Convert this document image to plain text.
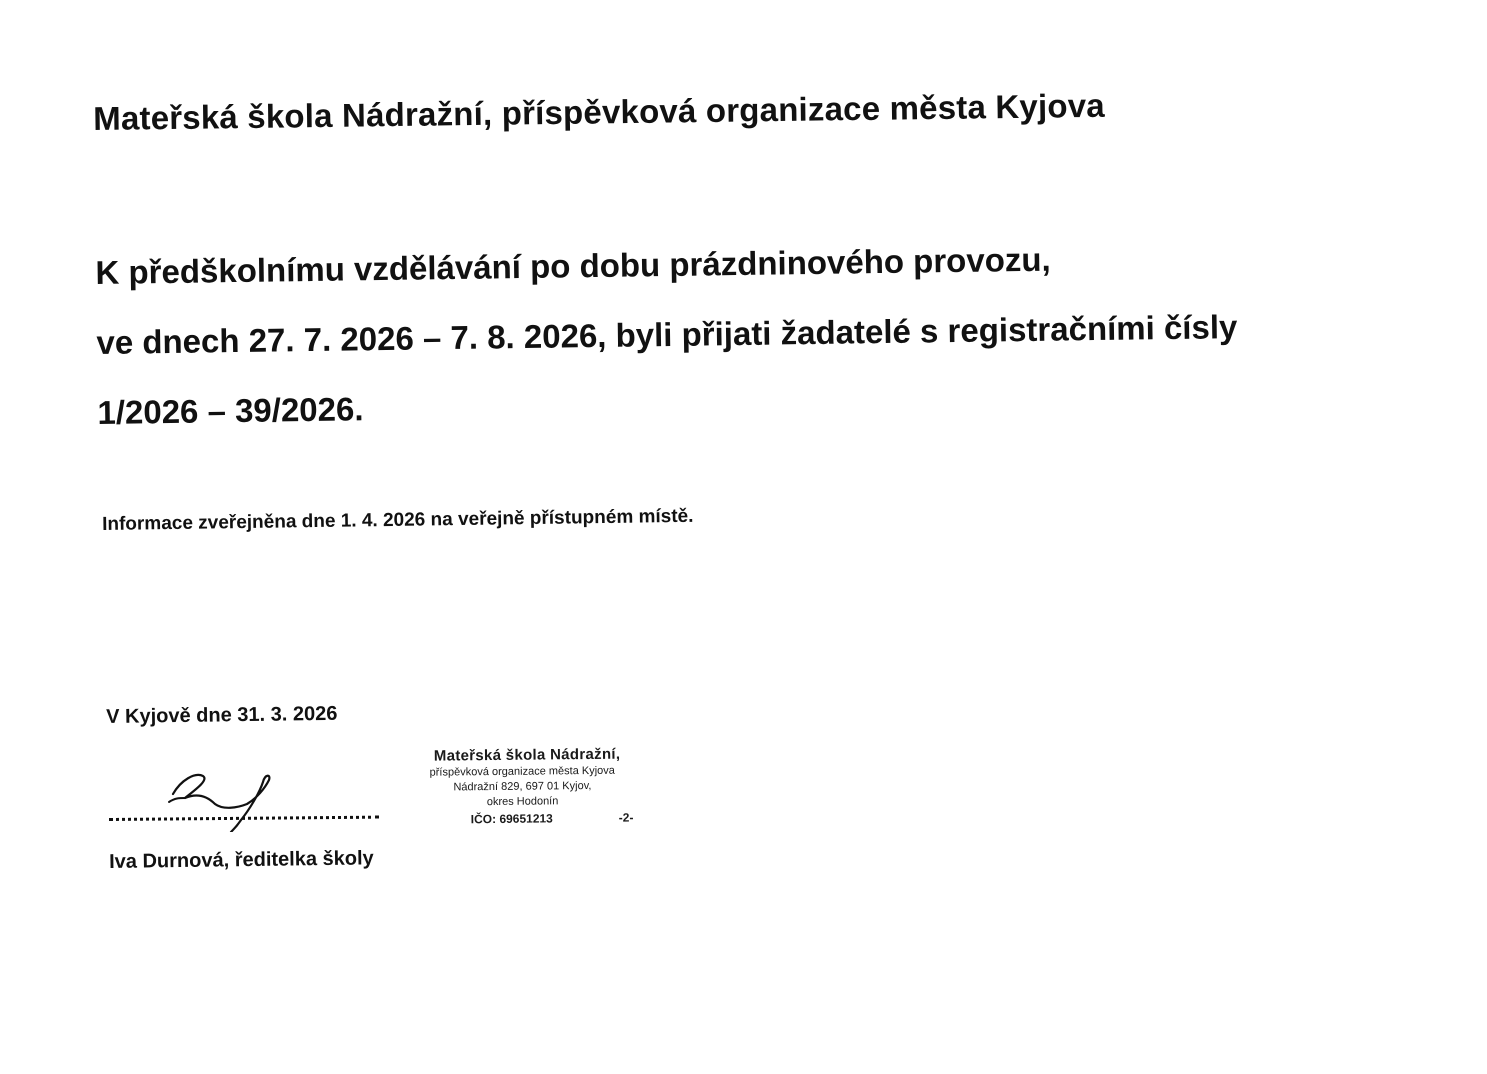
Mateřská škola Nádražní, příspěvková organizace města Kyjova
K předškolnímu vzdělávání po dobu prázdninového provozu,
ve dnech 27. 7. 2026 – 7. 8. 2026, byli přijati žadatelé s registračními čísly
1/2026 – 39/2026.
Informace zveřejněna dne 1. 4. 2026 na veřejně přístupném místě.
V Kyjově dne 31. 3. 2026
Iva Durnová, ředitelka školy
Mateřská škola Nádražní,
příspěvková organizace města Kyjova
Nádražní 829, 697 01 Kyjov,
okres Hodonín
IČO: 69651213	-2-
